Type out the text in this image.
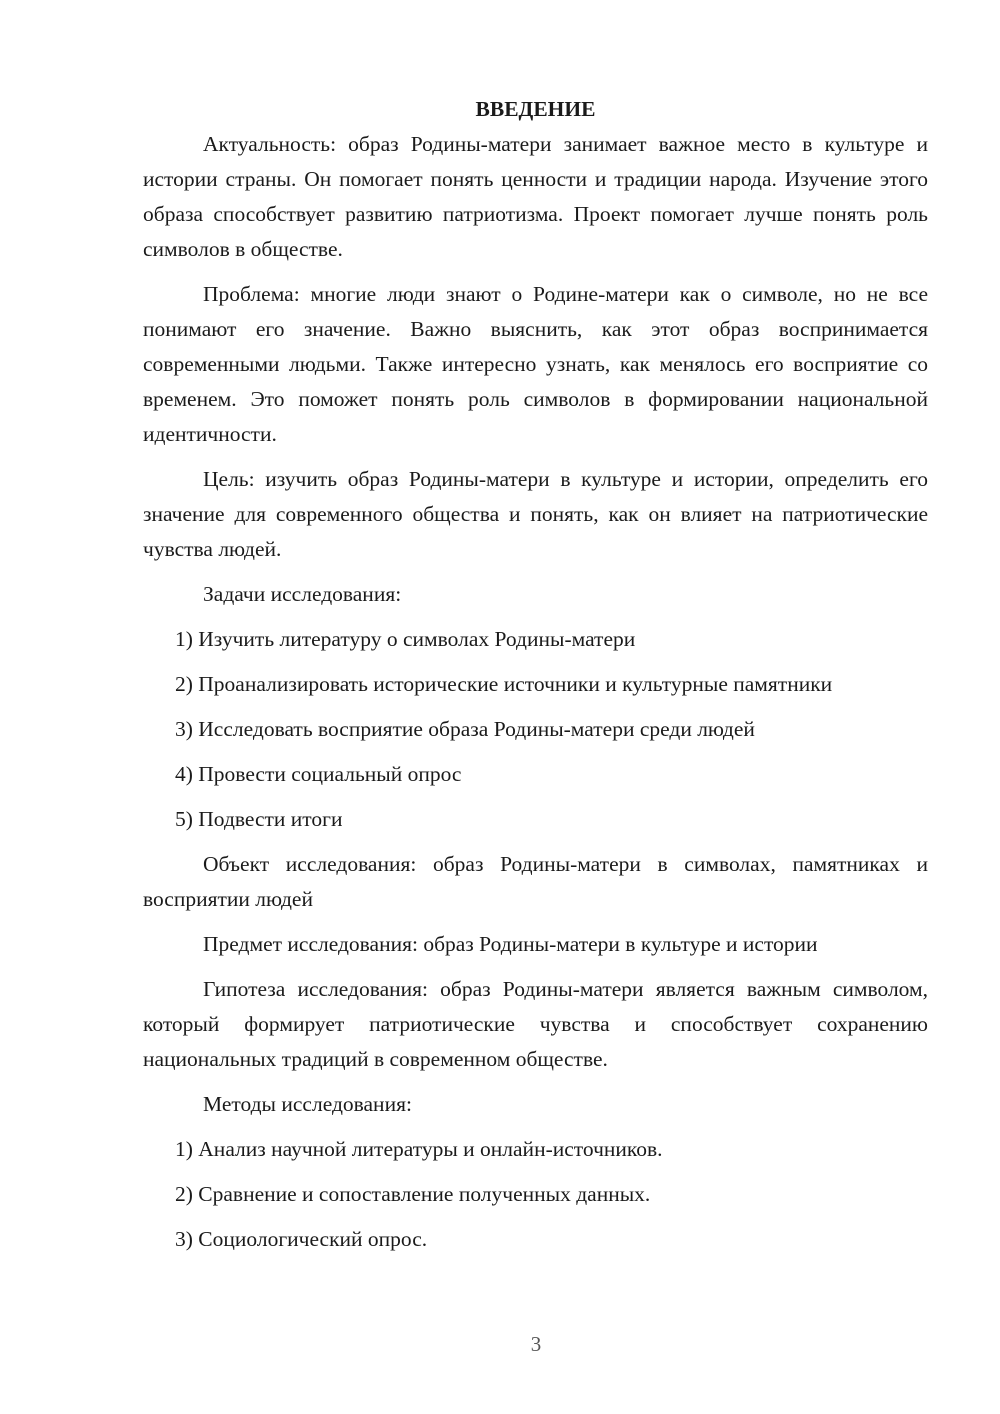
ВВЕДЕНИЕ

Актуальность: образ Родины-матери занимает важное место в культуре и истории страны. Он помогает понять ценности и традиции народа. Изучение этого образа способствует развитию патриотизма. Проект помогает лучше понять роль символов в обществе.

Проблема: многие люди знают о Родине-матери как о символе, но не все понимают его значение. Важно выяснить, как этот образ воспринимается современными людьми. Также интересно узнать, как менялось его восприятие со временем. Это поможет понять роль символов в формировании национальной идентичности.

Цель: изучить образ Родины-матери в культуре и истории, определить его значение для современного общества и понять, как он влияет на патриотические чувства людей.

Задачи исследования:

1) Изучить литературу о символах Родины-матери

2) Проанализировать исторические источники и культурные памятники

3) Исследовать восприятие образа Родины-матери среди людей

4) Провести социальный опрос

5) Подвести итоги

Объект исследования: образ Родины-матери в символах, памятниках и восприятии людей

Предмет исследования: образ Родины-матери в культуре и истории

Гипотеза исследования: образ Родины-матери является важным символом, который формирует патриотические чувства и способствует сохранению национальных традиций в современном обществе.

Методы исследования:

1) Анализ научной литературы и онлайн-источников.

2) Сравнение и сопоставление полученных данных.

3) Социологический опрос.

3
